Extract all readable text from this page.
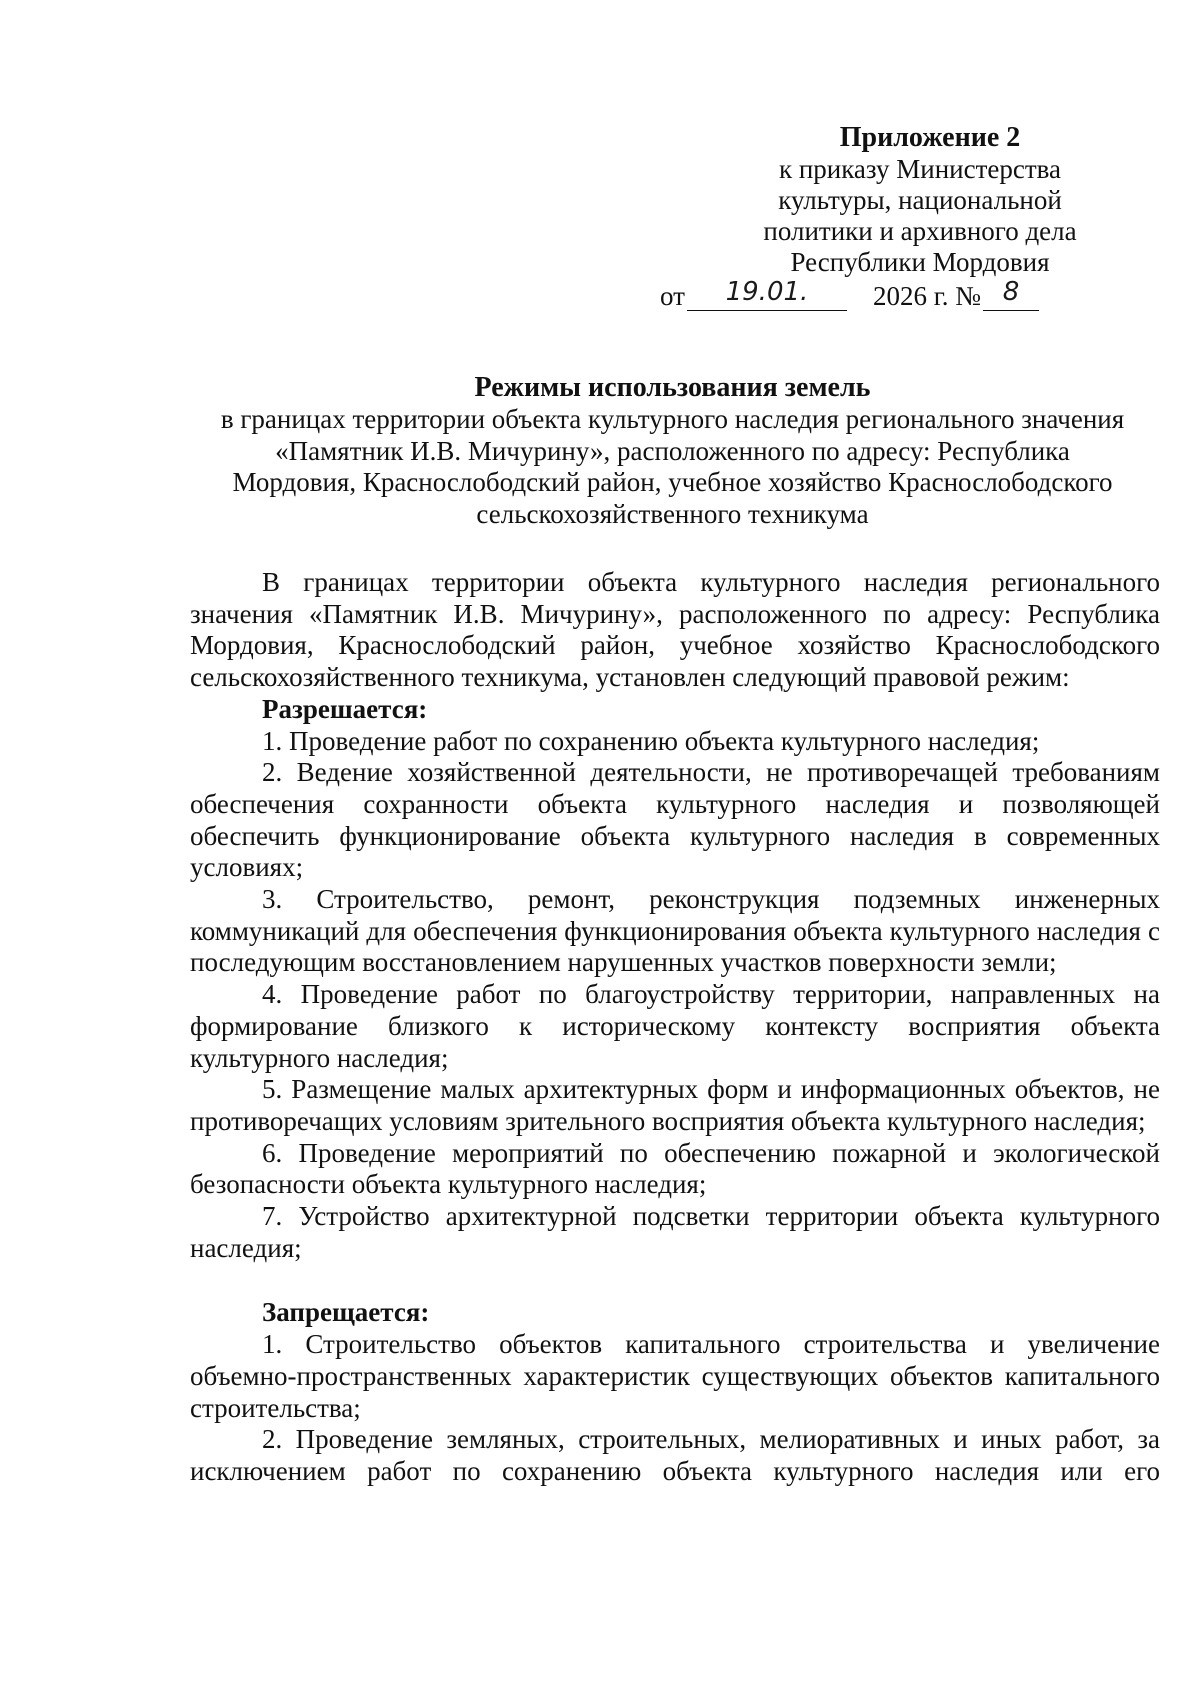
Приложение 2
к приказу Министерства
культуры, национальной
политики и архивного дела
Республики Мордовия
от 19.01. 2026 г. № 8
Режимы использования земель
в границах территории объекта культурного наследия регионального значения
«Памятник И.В. Мичурину», расположенного по адресу: Республика
Мордовия, Краснослободский район, учебное хозяйство Краснослободского
сельскохозяйственного техникума

В границах территории объекта культурного наследия регионального значения «Памятник И.В. Мичурину», расположенного по адресу: Республика Мордовия, Краснослободский район, учебное хозяйство Краснослободского сельскохозяйственного техникума, установлен следующий правовой режим:

Разрешается:

1. Проведение работ по сохранению объекта культурного наследия;

2. Ведение хозяйственной деятельности, не противоречащей требованиям обеспечения сохранности объекта культурного наследия и позволяющей обеспечить функционирование объекта культурного наследия в современных условиях;

3. Строительство, ремонт, реконструкция подземных инженерных коммуникаций для обеспечения функционирования объекта культурного наследия с последующим восстановлением нарушенных участков поверхности земли;

4. Проведение работ по благоустройству территории, направленных на формирование близкого к историческому контексту восприятия объекта культурного наследия;

5. Размещение малых архитектурных форм и информационных объектов, не противоречащих условиям зрительного восприятия объекта культурного наследия;

6. Проведение мероприятий по обеспечению пожарной и экологической безопасности объекта культурного наследия;

7. Устройство архитектурной подсветки территории объекта культурного наследия;

Запрещается:

1. Строительство объектов капитального строительства и увеличение объемно-пространственных характеристик существующих объектов капитального строительства;

2. Проведение земляных, строительных, мелиоративных и иных работ, за исключением работ по сохранению объекта культурного наследия или его
